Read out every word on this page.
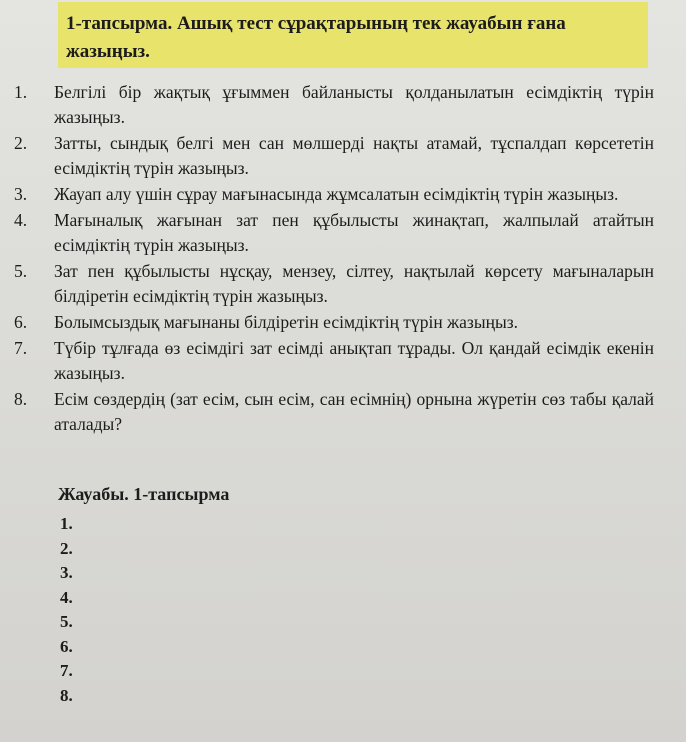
1-тапсырма. Ашық тест сұрақтарының тек жауабын ғана
жазыңыз.
1.	Белгілі бір жақтық ұғыммен байланысты қолданылатын есімдіктің түрін жазыңыз.
2.	Затты, сындық белгі мен сан мөлшерді нақты атамай, тұспалдап көрсететін есімдіктің түрін жазыңыз.
3.	Жауап алу үшін сұрау мағынасында жұмсалатын есімдіктің түрін жазыңыз.
4.	Мағыналық жағынан зат пен құбылысты жинақтап, жалпылай атайтын есімдіктің түрін жазыңыз.
5.	Зат пен құбылысты нұсқау, мензеу, сілтеу, нақтылай көрсету мағыналарын білдіретін есімдіктің түрін жазыңыз.
6.	Болымсыздық мағынаны білдіретін есімдіктің түрін жазыңыз.
7.	Түбір тұлғада өз есімдігі зат есімді анықтап тұрады. Ол қандай есімдік екенін жазыңыз.
8.	Есім сөздердің (зат есім, сын есім, сан есімнің) орнына жүретін сөз табы қалай аталады?
Жауабы. 1-тапсырма
1.
2.
3.
4.
5.
6.
7.
8.
